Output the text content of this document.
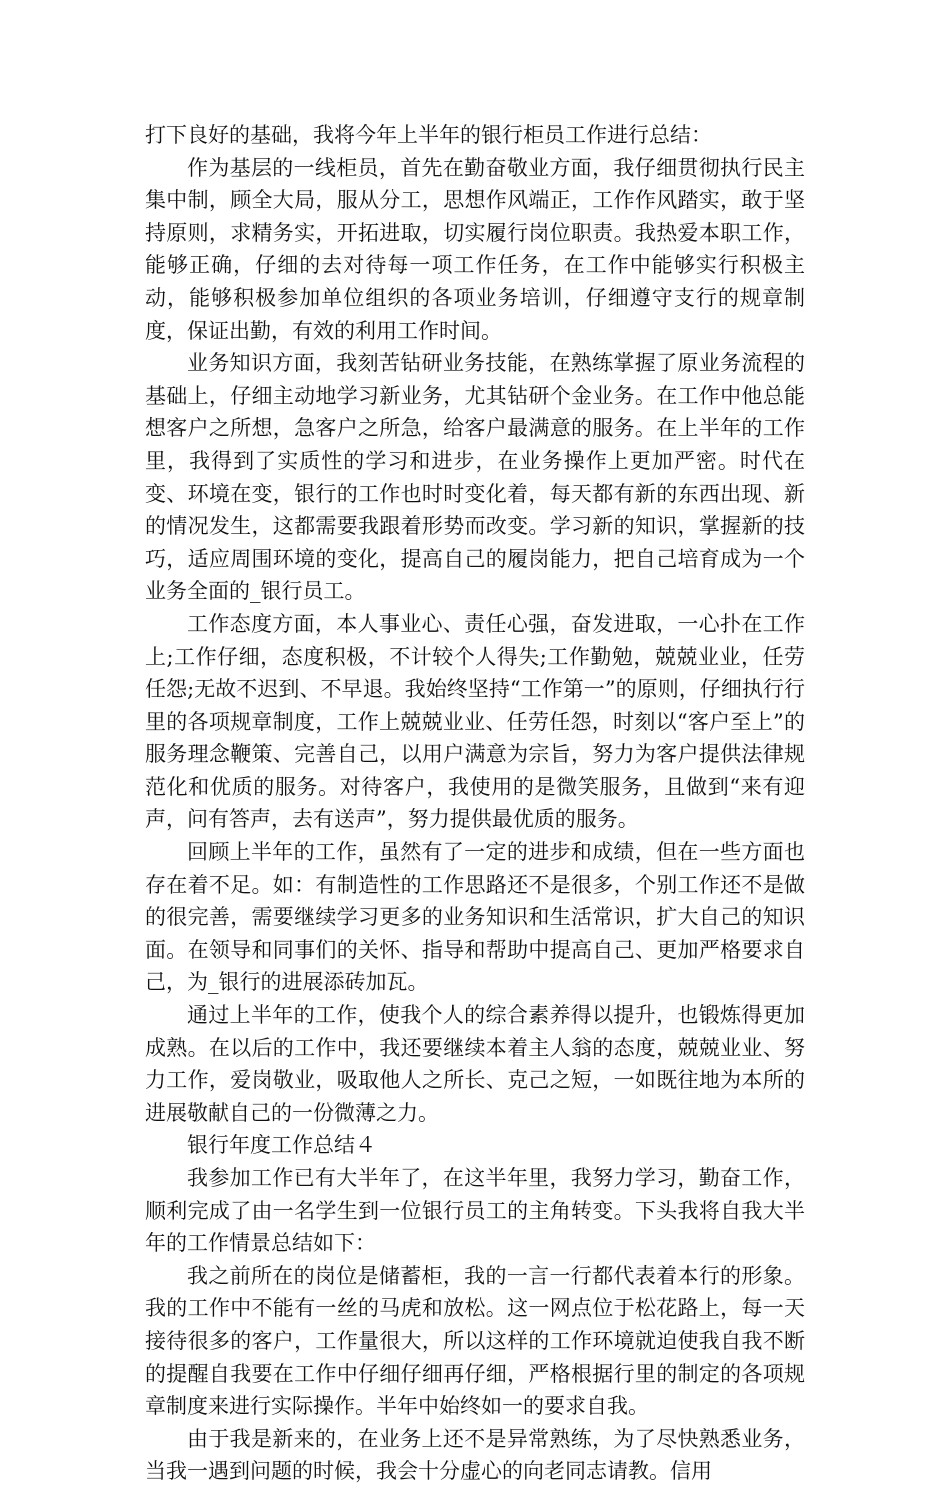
打下良好的基础，我将今年上半年的银行柜员工作进行总结：

作为基层的一线柜员，首先在勤奋敬业方面，我仔细贯彻执行民主集中制，顾全大局，服从分工，思想作风端正，工作作风踏实，敢于坚持原则，求精务实，开拓进取，切实履行岗位职责。我热爱本职工作，能够正确，仔细的去对待每一项工作任务，在工作中能够实行积极主动，能够积极参加单位组织的各项业务培训，仔细遵守支行的规章制度，保证出勤，有效的利用工作时间。

业务知识方面，我刻苦钻研业务技能，在熟练掌握了原业务流程的基础上，仔细主动地学习新业务，尤其钻研个金业务。在工作中他总能想客户之所想，急客户之所急，给客户最满意的服务。在上半年的工作里，我得到了实质性的学习和进步，在业务操作上更加严密。时代在变、环境在变，银行的工作也时时变化着，每天都有新的东西出现、新的情况发生，这都需要我跟着形势而改变。学习新的知识，掌握新的技巧，适应周围环境的变化，提高自己的履岗能力，把自己培育成为一个业务全面的_银行员工。

工作态度方面，本人事业心、责任心强，奋发进取，一心扑在工作上;工作仔细，态度积极，不计较个人得失;工作勤勉，兢兢业业，任劳任怨;无故不迟到、不早退。我始终坚持“工作第一”的原则，仔细执行行里的各项规章制度，工作上兢兢业业、任劳任怨，时刻以“客户至上”的服务理念鞭策、完善自己，以用户满意为宗旨，努力为客户提供法律规范化和优质的服务。对待客户，我使用的是微笑服务，且做到“来有迎声，问有答声，去有送声”，努力提供最优质的服务。

回顾上半年的工作，虽然有了一定的进步和成绩，但在一些方面也存在着不足。如：有制造性的工作思路还不是很多，个别工作还不是做的很完善，需要继续学习更多的业务知识和生活常识，扩大自己的知识面。在领导和同事们的关怀、指导和帮助中提高自己、更加严格要求自己，为_银行的进展添砖加瓦。

通过上半年的工作，使我个人的综合素养得以提升，也锻炼得更加成熟。在以后的工作中，我还要继续本着主人翁的态度，兢兢业业、努力工作，爱岗敬业，吸取他人之所长、克己之短，一如既往地为本所的进展敬献自己的一份微薄之力。

银行年度工作总结４

我参加工作已有大半年了，在这半年里，我努力学习，勤奋工作，顺利完成了由一名学生到一位银行员工的主角转变。下头我将自我大半年的工作情景总结如下：

我之前所在的岗位是储蓄柜，我的一言一行都代表着本行的形象。我的工作中不能有一丝的马虎和放松。这一网点位于松花路上，每一天接待很多的客户，工作量很大，所以这样的工作环境就迫使我自我不断的提醒自我要在工作中仔细仔细再仔细，严格根据行里的制定的各项规章制度来进行实际操作。半年中始终如一的要求自我。

由于我是新来的，在业务上还不是异常熟练，为了尽快熟悉业务，当我一遇到问题的时候，我会十分虚心的向老同志请教。信用
